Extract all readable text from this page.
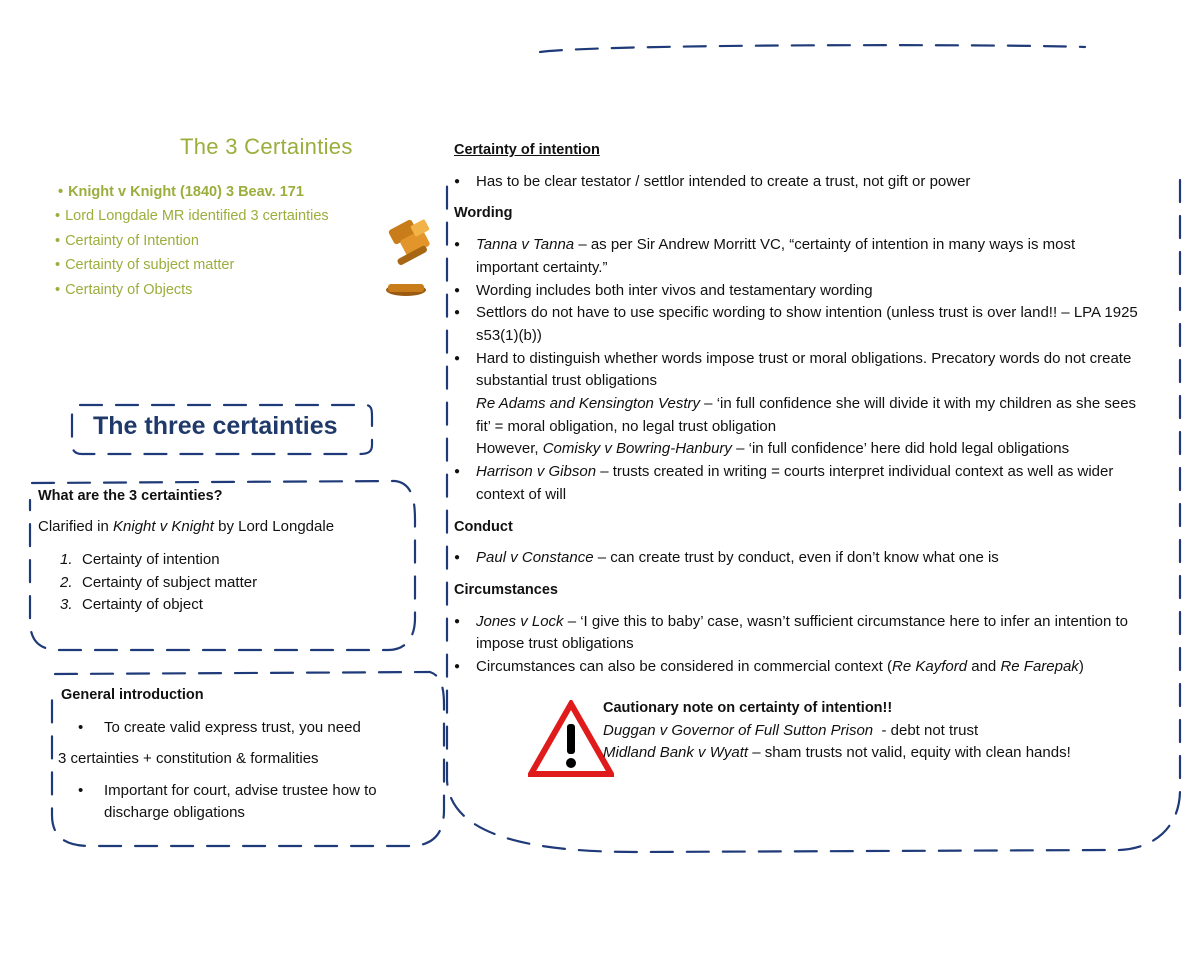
The 3 Certainties
• Knight v Knight (1840) 3 Beav. 171
• Lord Longdale MR identified 3 certainties
• Certainty of Intention
• Certainty of subject matter
• Certainty of Objects
The three certainties

What are the 3 certainties?

Clarified in Knight v Knight by Lord Longdale

1. Certainty of intention
2. Certainty of subject matter
3. Certainty of object
General introduction
• To create valid express trust, you need
3 certainties + constitution & formalities
• Important for court, advise trustee how to
discharge obligations
Certainty of intention
● Has to be clear testator / settlor intended to create a trust, not gift or power
Wording
● Tanna v Tanna – as per Sir Andrew Morritt VC, “certainty of intention in many ways is most
important certainty.”
● Wording includes both inter vivos and testamentary wording
● Settlors do not have to use specific wording to show intention (unless trust is over land!! – LPA 1925
s53(1)(b))
● Hard to distinguish whether words impose trust or moral obligations. Precatory words do not create
substantial trust obligations
Re Adams and Kensington Vestry – ‘in full confidence she will divide it with my children as she sees
fit’ = moral obligation, no legal trust obligation
However, Comisky v Bowring-Hanbury – ‘in full confidence’ here did hold legal obligations
● Harrison v Gibson – trusts created in writing = courts interpret individual context as well as wider
context of will
Conduct
● Paul v Constance – can create trust by conduct, even if don’t know what one is
Circumstances
● Jones v Lock – ‘I give this to baby’ case, wasn’t sufficient circumstance here to infer an intention to
impose trust obligations
● Circumstances can also be considered in commercial context (Re Kayford and Re Farepak)
Cautionary note on certainty of intention!!
Duggan v Governor of Full Sutton Prison  - debt not trust
Midland Bank v Wyatt – sham trusts not valid, equity with clean hands!
